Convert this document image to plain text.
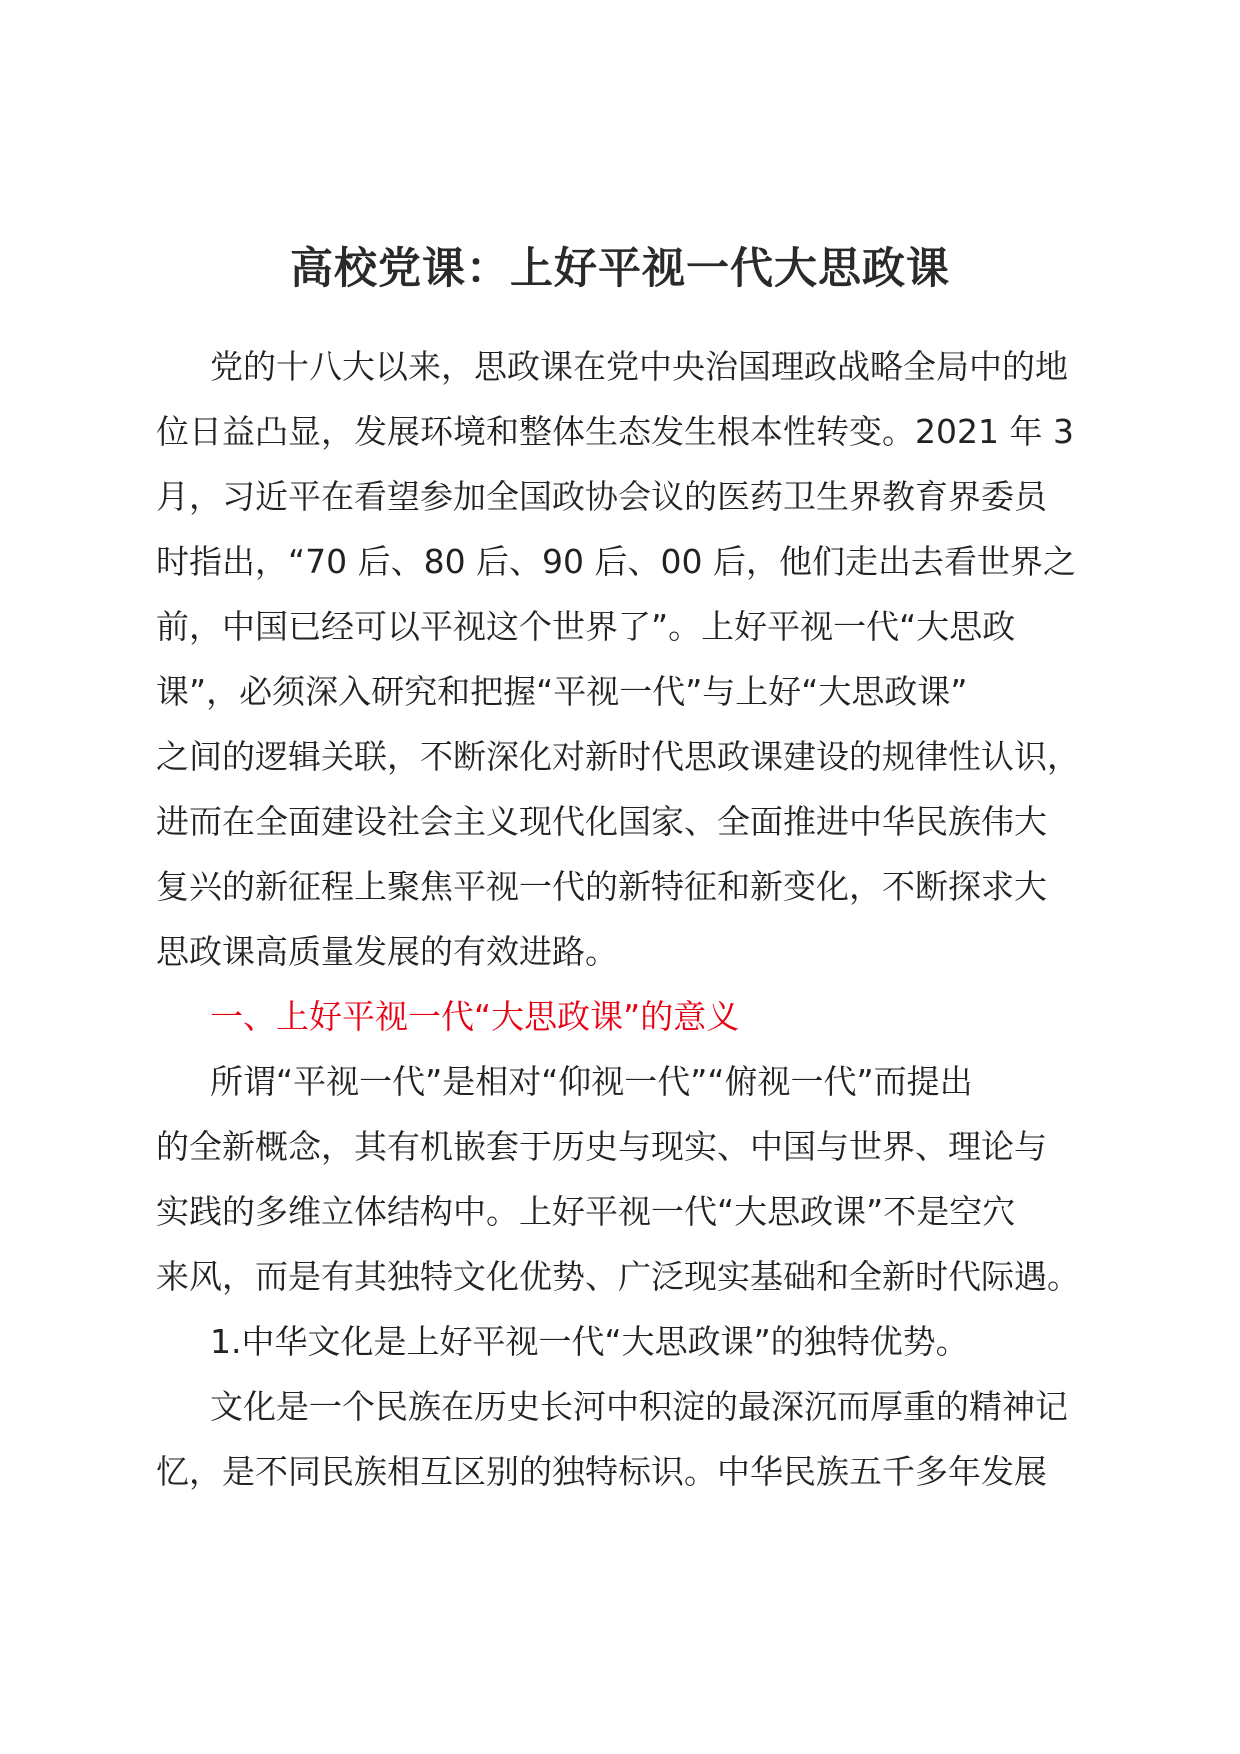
高校党课：上好平视一代大思政课
党的十八大以来，思政课在党中央治国理政战略全局中的地
位日益凸显，发展环境和整体生态发生根本性转变。2021 年 3
月，习近平在看望参加全国政协会议的医药卫生界教育界委员
时指出，“70 后、80 后、90 后、00 后，他们走出去看世界之
前，中国已经可以平视这个世界了”。上好平视一代“大思政
课”，必须深入研究和把握“平视一代”与上好“大思政课”
之间的逻辑关联，不断深化对新时代思政课建设的规律性认识，
进而在全面建设社会主义现代化国家、全面推进中华民族伟大
复兴的新征程上聚焦平视一代的新特征和新变化，不断探求大
思政课高质量发展的有效进路。
一、上好平视一代“大思政课”的意义
所谓“平视一代”是相对“仰视一代”“俯视一代”而提出
的全新概念，其有机嵌套于历史与现实、中国与世界、理论与
实践的多维立体结构中。上好平视一代“大思政课”不是空穴
来风，而是有其独特文化优势、广泛现实基础和全新时代际遇。
1.中华文化是上好平视一代“大思政课”的独特优势。
文化是一个民族在历史长河中积淀的最深沉而厚重的精神记
忆，是不同民族相互区别的独特标识。中华民族五千多年发展
